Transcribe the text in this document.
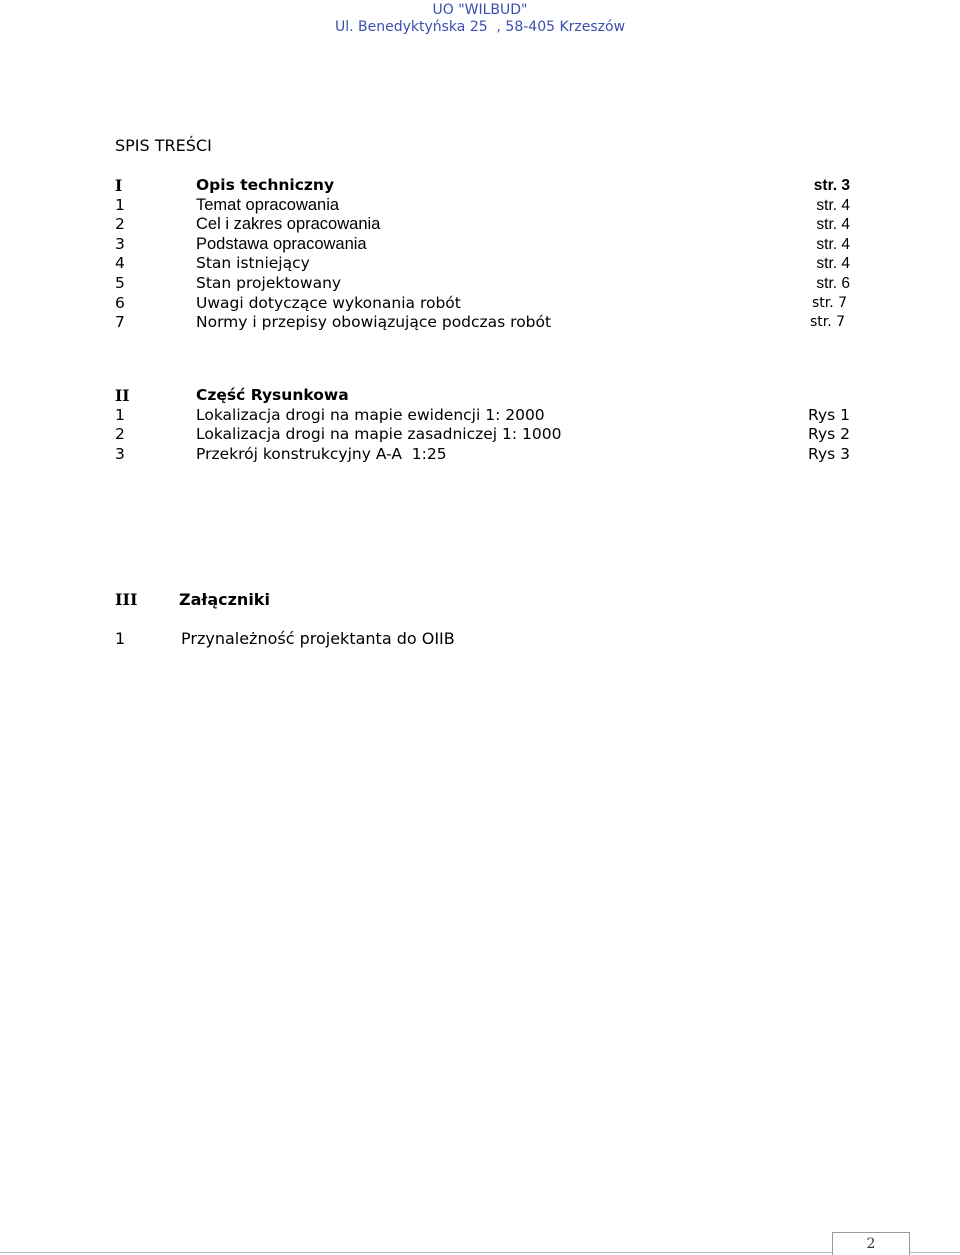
UO "WILBUD"
Ul. Benedyktyńska 25  , 58-405 Krzeszów
SPIS TREŚCI
I	Opis techniczny	str. 3
1	Temat opracowania	str. 4
2	Cel i zakres opracowania	str. 4
3	Podstawa opracowania	str. 4
4	Stan istniejący	str. 4
5	Stan projektowany	str. 6
6	Uwagi dotyczące wykonania robót	str. 7
7	Normy i przepisy obowiązujące podczas robót	str. 7
II	Część Rysunkowa
1	Lokalizacja drogi na mapie ewidencji 1: 2000	Rys 1
2	Lokalizacja drogi na mapie zasadniczej 1: 1000	Rys 2
3	Przekrój konstrukcyjny A-A  1:25	Rys 3
III	Załączniki
1	Przynależność projektanta do OIIB
2
